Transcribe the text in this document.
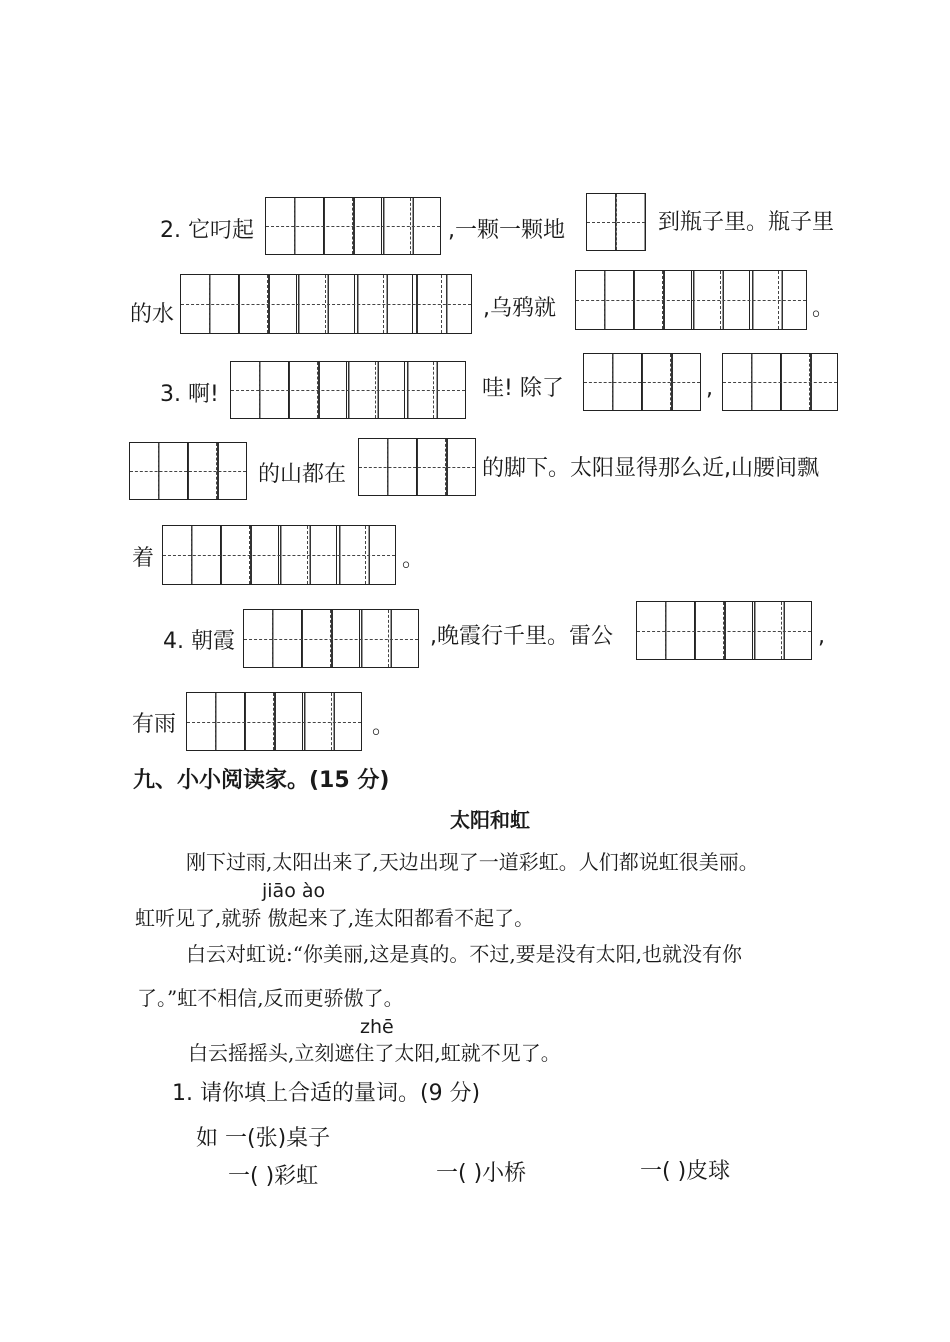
2. 它叼起	,一颗一颗地	到瓶子里。瓶子里
的水	,乌鸦就	。
3. 啊!	哇! 除了	,
的山都在	的脚下。太阳显得那么近,山腰间飘
着	。
4. 朝霞	,晚霞行千里。雷公	,
有雨	。
九、小小阅读家。(15 分)
太阳和虹
刚下过雨,太阳出来了,天边出现了一道彩虹。人们都说虹很美丽。
jiāo ào
虹听见了,就骄 傲起来了,连太阳都看不起了。
白云对虹说:“你美丽,这是真的。不过,要是没有太阳,也就没有你
了。”虹不相信,反而更骄傲了。
zhē
白云摇摇头,立刻遮住了太阳,虹就不见了。
1. 请你填上合适的量词。(9 分)
如 一(张)桌子
一( )彩虹	一( )小桥	一( )皮球
